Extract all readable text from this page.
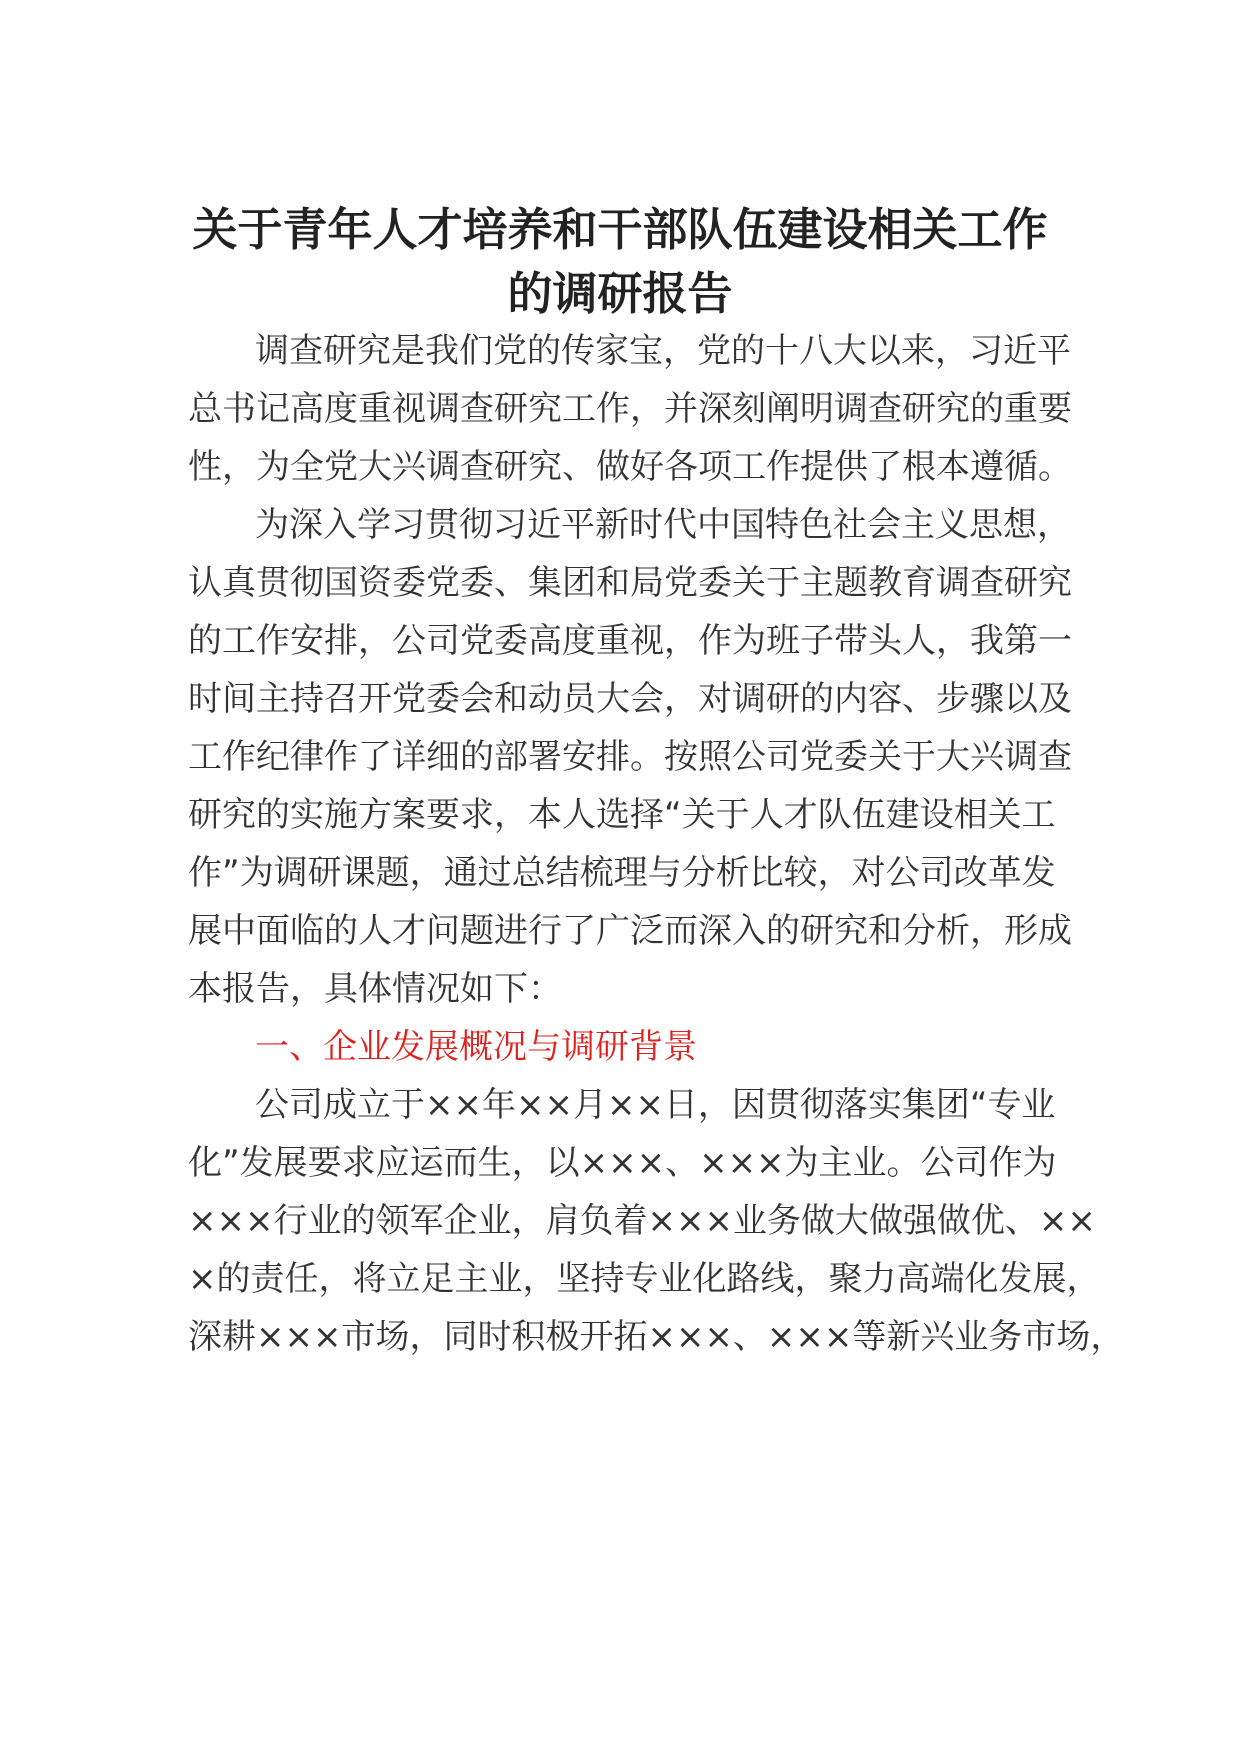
关于青年人才培养和干部队伍建设相关工作
的调研报告
调查研究是我们党的传家宝，党的十八大以来，习近平
总书记高度重视调查研究工作，并深刻阐明调查研究的重要
性，为全党大兴调查研究、做好各项工作提供了根本遵循。
为深入学习贯彻习近平新时代中国特色社会主义思想，
认真贯彻国资委党委、集团和局党委关于主题教育调查研究
的工作安排，公司党委高度重视，作为班子带头人，我第一
时间主持召开党委会和动员大会，对调研的内容、步骤以及
工作纪律作了详细的部署安排。按照公司党委关于大兴调查
研究的实施方案要求，本人选择“关于人才队伍建设相关工
作”为调研课题，通过总结梳理与分析比较，对公司改革发
展中面临的人才问题进行了广泛而深入的研究和分析，形成
本报告，具体情况如下：
一、企业发展概况与调研背景
公司成立于××年××月××日，因贯彻落实集团“专业
化”发展要求应运而生，以×××、×××为主业。公司作为
×××行业的领军企业，肩负着×××业务做大做强做优、××
×的责任，将立足主业，坚持专业化路线，聚力高端化发展，
深耕×××市场，同时积极开拓×××、×××等新兴业务市场，
